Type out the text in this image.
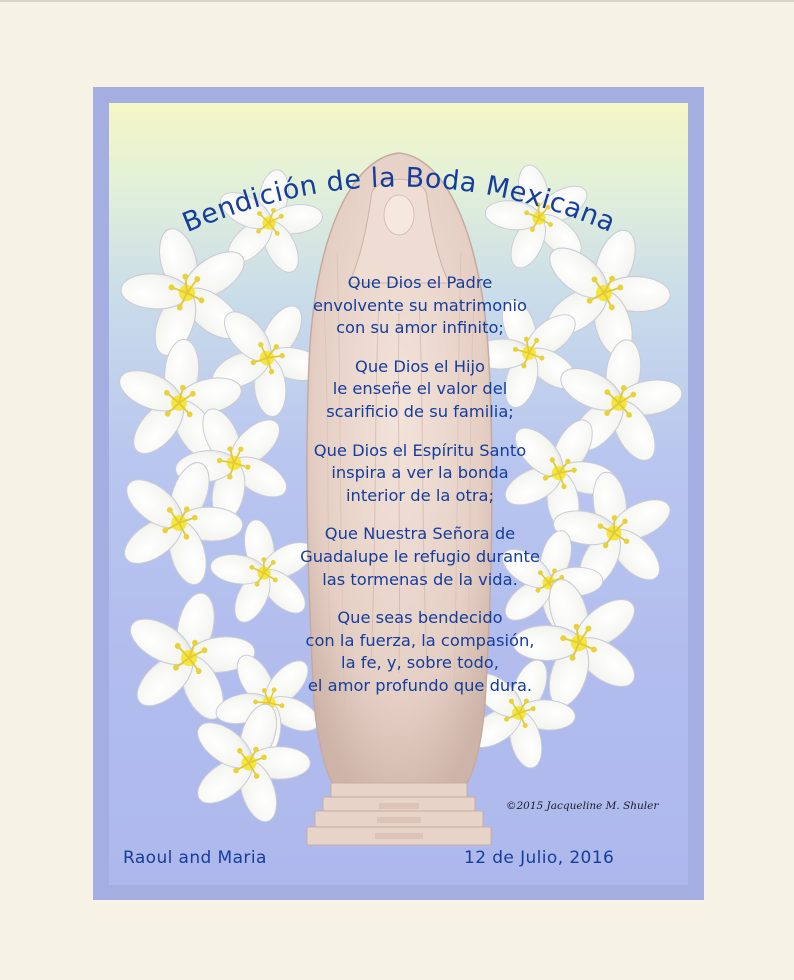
Bendición de la Boda Mexicana
Que Dios el Padre
envolvente su matrimonio
con su amor infinito;
Que Dios el Hijo
le enseñe el valor del
scarificio de su familia;
Que Dios el Espíritu Santo
inspira a ver la bonda
interior de la otra;
Que Nuestra Señora de
Guadalupe le refugio durante
las tormenas de la vida.
Que seas bendecido
con la fuerza, la compasión,
la fe, y, sobre todo,
el amor profundo que dura.
©2015 Jacqueline M. Shuler
Raoul and Maria	12 de Julio, 2016
